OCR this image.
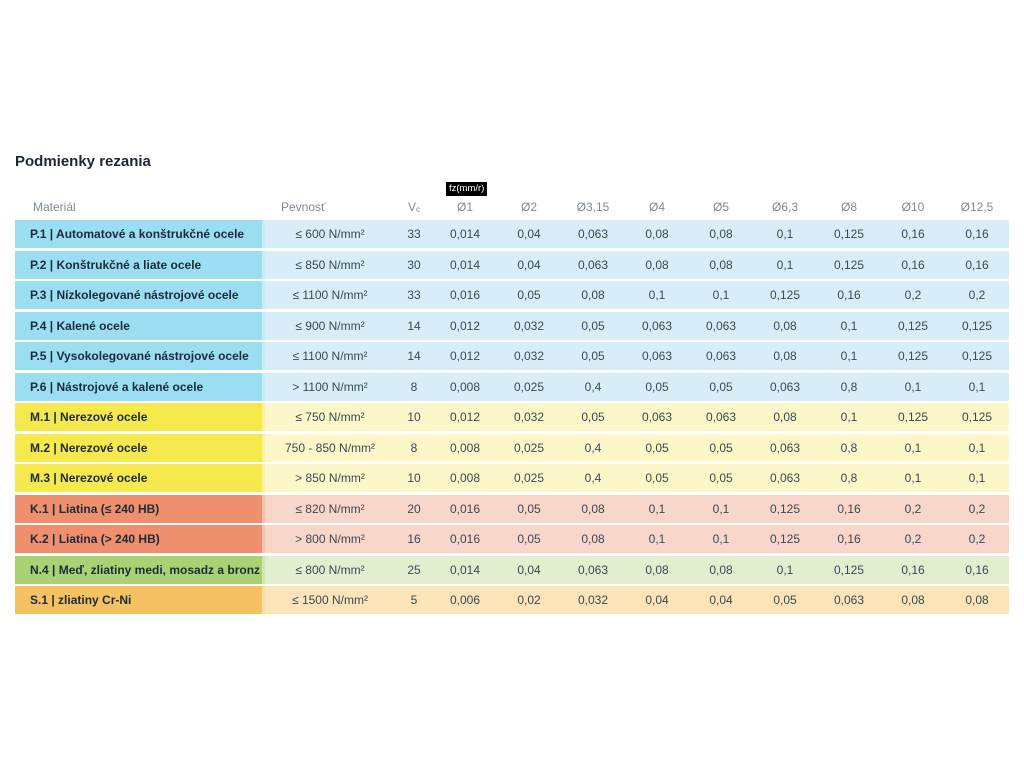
Podmienky rezania
Materiál	Pevnosť	$V_c$
fz(mm/r)
Ø1	Ø2	Ø3,15	Ø4	Ø5	Ø6,3	Ø8	Ø10	Ø12,5
P.1 | Automatové a konštrukčné ocele	≤ 600 N/mm²	33	0,014	0,04	0,063	0,08	0,08	0,1	0,125	0,16	0,16
P.2 | Konštrukčné a liate ocele	≤ 850 N/mm²	30	0,014	0,04	0,063	0,08	0,08	0,1	0,125	0,16	0,16
P.3 | Nízkolegované nástrojové ocele	≤ 1100 N/mm²	33	0,016	0,05	0,08	0,1	0,1	0,125	0,16	0,2	0,2
P.4 | Kalené ocele	≤ 900 N/mm²	14	0,012	0,032	0,05	0,063	0,063	0,08	0,1	0,125	0,125
P.5 | Vysokolegované nástrojové ocele	≤ 1100 N/mm²	14	0,012	0,032	0,05	0,063	0,063	0,08	0,1	0,125	0,125
P.6 | Nástrojové a kalené ocele	> 1100 N/mm²	8	0,008	0,025	0,4	0,05	0,05	0,063	0,8	0,1	0,1
M.1 | Nerezové ocele	≤ 750 N/mm²	10	0,012	0,032	0,05	0,063	0,063	0,08	0,1	0,125	0,125
M.2 | Nerezové ocele	750 - 850 N/mm²	8	0,008	0,025	0,4	0,05	0,05	0,063	0,8	0,1	0,1
M.3 | Nerezové ocele	> 850 N/mm²	10	0,008	0,025	0,4	0,05	0,05	0,063	0,8	0,1	0,1
K.1 | Liatina (≤ 240 HB)	≤ 820 N/mm²	20	0,016	0,05	0,08	0,1	0,1	0,125	0,16	0,2	0,2
K.2 | Liatina (> 240 HB)	> 800 N/mm²	16	0,016	0,05	0,08	0,1	0,1	0,125	0,16	0,2	0,2
N.4 | Meď, zliatiny medi, mosadz a bronz	≤ 800 N/mm²	25	0,014	0,04	0,063	0,08	0,08	0,1	0,125	0,16	0,16
S.1 | zliatiny Cr-Ni	≤ 1500 N/mm²	5	0,006	0,02	0,032	0,04	0,04	0,05	0,063	0,08	0,08
